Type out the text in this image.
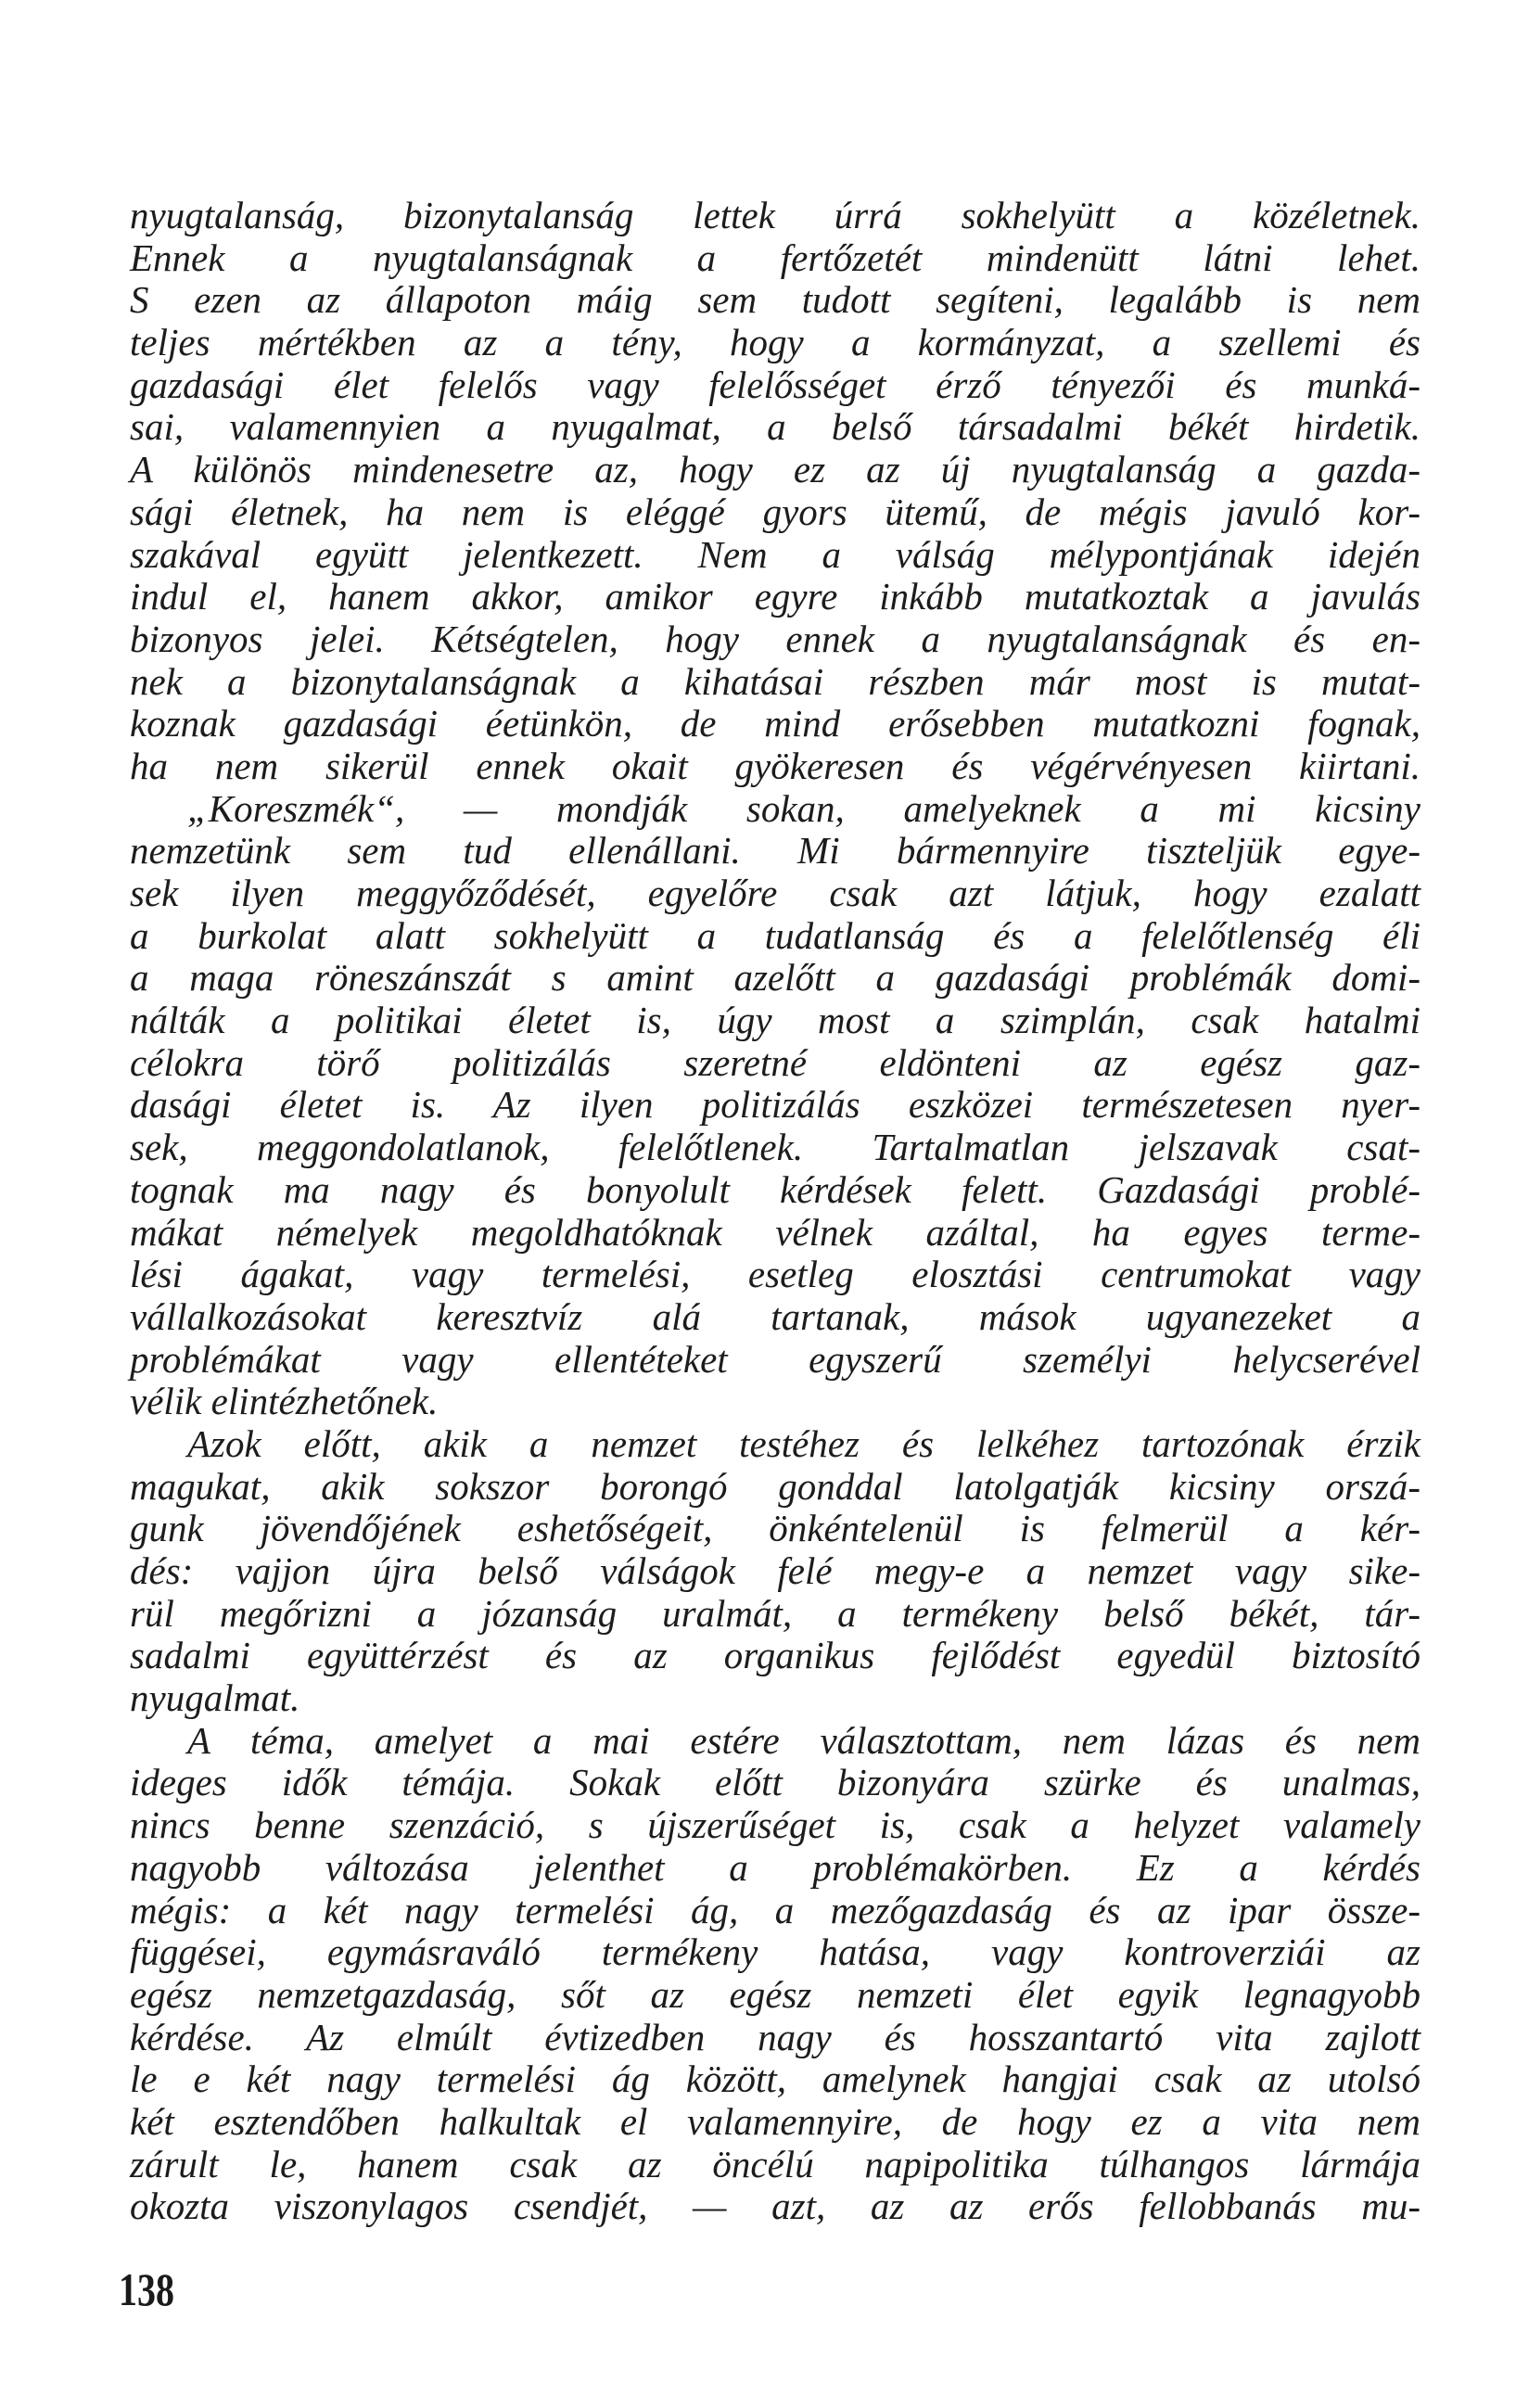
nyugtalanság, bizonytalanság lettek úrrá sokhelyütt a közéletnek.
Ennek a nyugtalanságnak a fertőzetét mindenütt látni lehet.
S ezen az állapoton máig sem tudott segíteni, legalább is nem
teljes mértékben az a tény, hogy a kormányzat, a szellemi és
gazdasági élet felelős vagy felelősséget érző tényezői és munká-
sai, valamennyien a nyugalmat, a belső társadalmi békét hirdetik.
A különös mindenesetre az, hogy ez az új nyugtalanság a gazda-
sági életnek, ha nem is eléggé gyors ütemű, de mégis javuló kor-
szakával együtt jelentkezett. Nem a válság mélypontjának idején
indul el, hanem akkor, amikor egyre inkább mutatkoztak a javulás
bizonyos jelei. Kétségtelen, hogy ennek a nyugtalanságnak és en-
nek a bizonytalanságnak a kihatásai részben már most is mutat-
koznak gazdasági éetünkön, de mind erősebben mutatkozni fognak,
ha nem sikerül ennek okait gyökeresen és végérvényesen kiirtani.
„Koreszmék“, — mondják sokan, amelyeknek a mi kicsiny
nemzetünk sem tud ellenállani. Mi bármennyire tiszteljük egye-
sek ilyen meggyőződését, egyelőre csak azt látjuk, hogy ezalatt
a burkolat alatt sokhelyütt a tudatlanság és a felelőtlenség éli
a maga röneszánszát s amint azelőtt a gazdasági problémák domi-
nálták a politikai életet is, úgy most a szimplán, csak hatalmi
célokra törő politizálás szeretné eldönteni az egész gaz-
dasági életet is. Az ilyen politizálás eszközei természetesen nyer-
sek, meggondolatlanok, felelőtlenek. Tartalmatlan jelszavak csat-
tognak ma nagy és bonyolult kérdések felett. Gazdasági problé-
mákat némelyek megoldhatóknak vélnek azáltal, ha egyes terme-
lési ágakat, vagy termelési, esetleg elosztási centrumokat vagy
vállalkozásokat keresztvíz alá tartanak, mások ugyanezeket a
problémákat vagy ellentéteket egyszerű személyi helycserével
vélik elintézhetőnek.
Azok előtt, akik a nemzet testéhez és lelkéhez tartozónak érzik
magukat, akik sokszor borongó gonddal latolgatják kicsiny orszá-
gunk jövendőjének eshetőségeit, önkéntelenül is felmerül a kér-
dés: vajjon újra belső válságok felé megy-e a nemzet vagy sike-
rül megőrizni a józanság uralmát, a termékeny belső békét, tár-
sadalmi együttérzést és az organikus fejlődést egyedül biztosító
nyugalmat.
A téma, amelyet a mai estére választottam, nem lázas és nem
ideges idők témája. Sokak előtt bizonyára szürke és unalmas,
nincs benne szenzáció, s újszerűséget is, csak a helyzet valamely
nagyobb változása jelenthet a problémakörben. Ez a kérdés
mégis: a két nagy termelési ág, a mezőgazdaság és az ipar össze-
függései, egymásraváló termékeny hatása, vagy kontroverziái az
egész nemzetgazdaság, sőt az egész nemzeti élet egyik legnagyobb
kérdése. Az elmúlt évtizedben nagy és hosszantartó vita zajlott
le e két nagy termelési ág között, amelynek hangjai csak az utolsó
két esztendőben halkultak el valamennyire, de hogy ez a vita nem
zárult le, hanem csak az öncélú napipolitika túlhangos lármája
okozta viszonylagos csendjét, — azt, az az erős fellobbanás mu-
138
